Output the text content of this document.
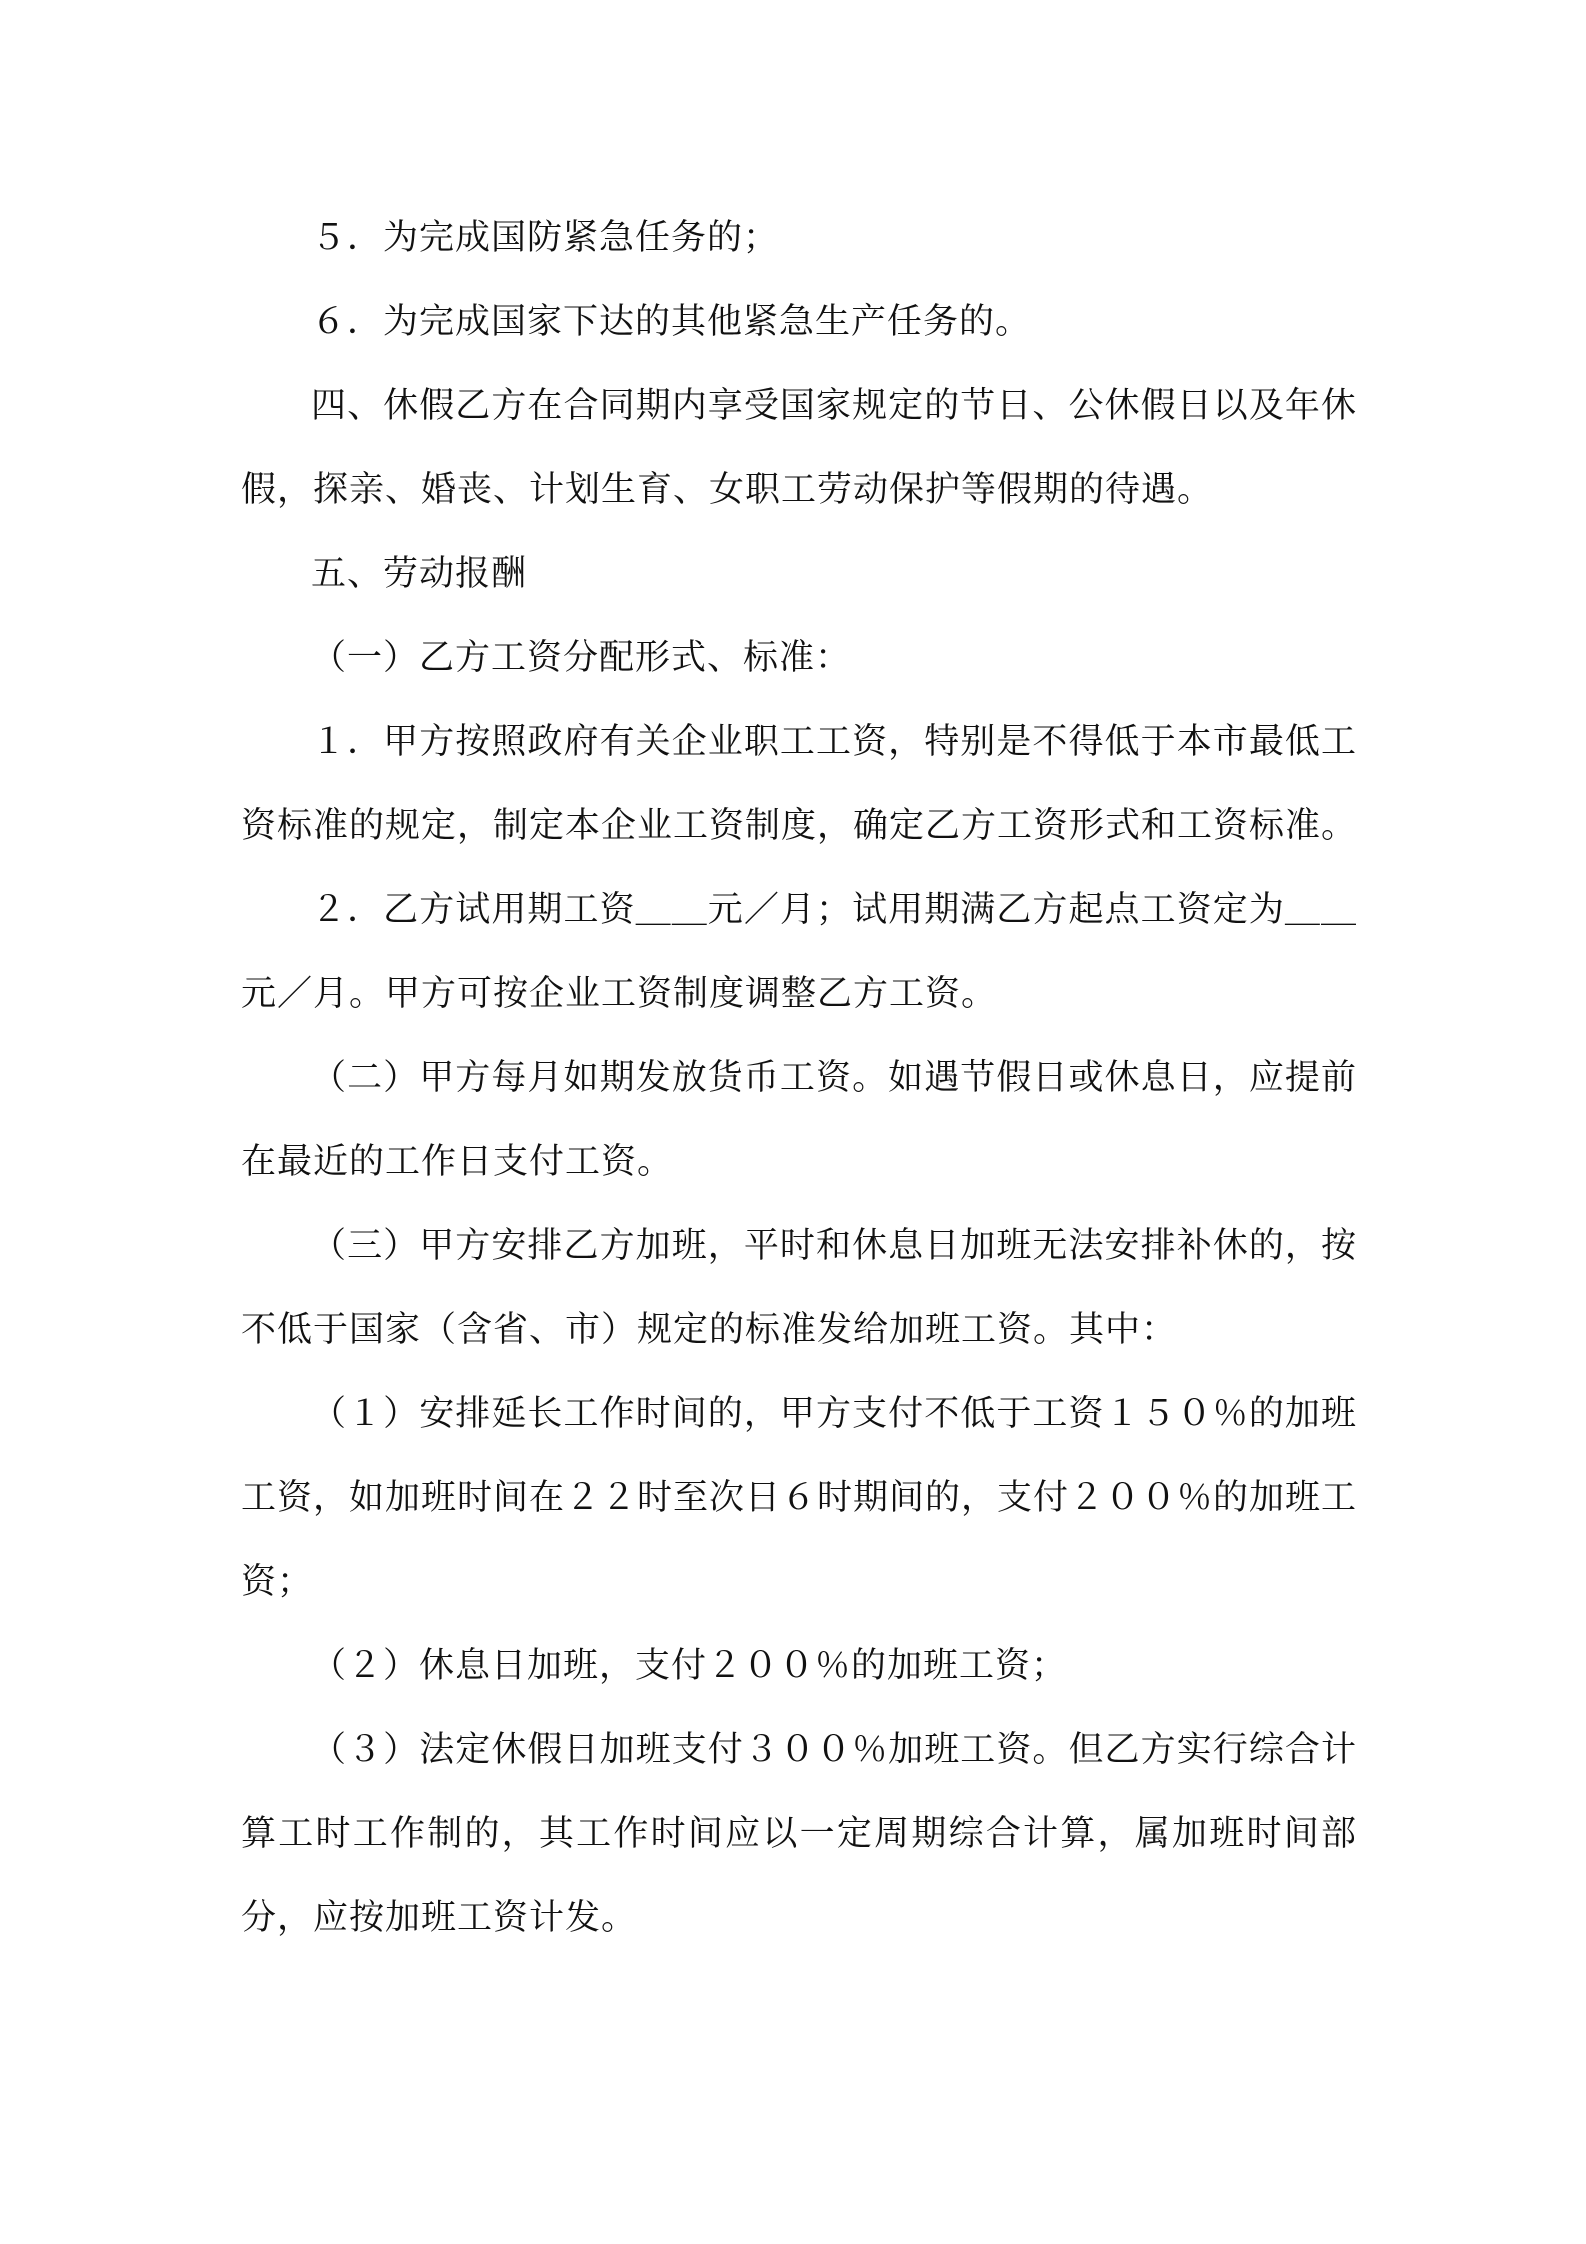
５．为完成国防紧急任务的；

６．为完成国家下达的其他紧急生产任务的。

四、休假乙方在合同期内享受国家规定的节日、公休假日以及年休假，探亲、婚丧、计划生育、女职工劳动保护等假期的待遇。

五、劳动报酬

（一）乙方工资分配形式、标准：

１．甲方按照政府有关企业职工工资，特别是不得低于本市最低工资标准的规定，制定本企业工资制度，确定乙方工资形式和工资标准。

２．乙方试用期工资＿＿元／月；试用期满乙方起点工资定为＿＿元／月。甲方可按企业工资制度调整乙方工资。

（二）甲方每月如期发放货币工资。如遇节假日或休息日，应提前在最近的工作日支付工资。

（三）甲方安排乙方加班，平时和休息日加班无法安排补休的，按不低于国家（含省、市）规定的标准发给加班工资。其中：

（１）安排延长工作时间的，甲方支付不低于工资１５０％的加班工资，如加班时间在２２时至次日６时期间的，支付２００％的加班工资；

（２）休息日加班，支付２００％的加班工资；

（３）法定休假日加班支付３００％加班工资。但乙方实行综合计算工时工作制的，其工作时间应以一定周期综合计算，属加班时间部分，应按加班工资计发。
